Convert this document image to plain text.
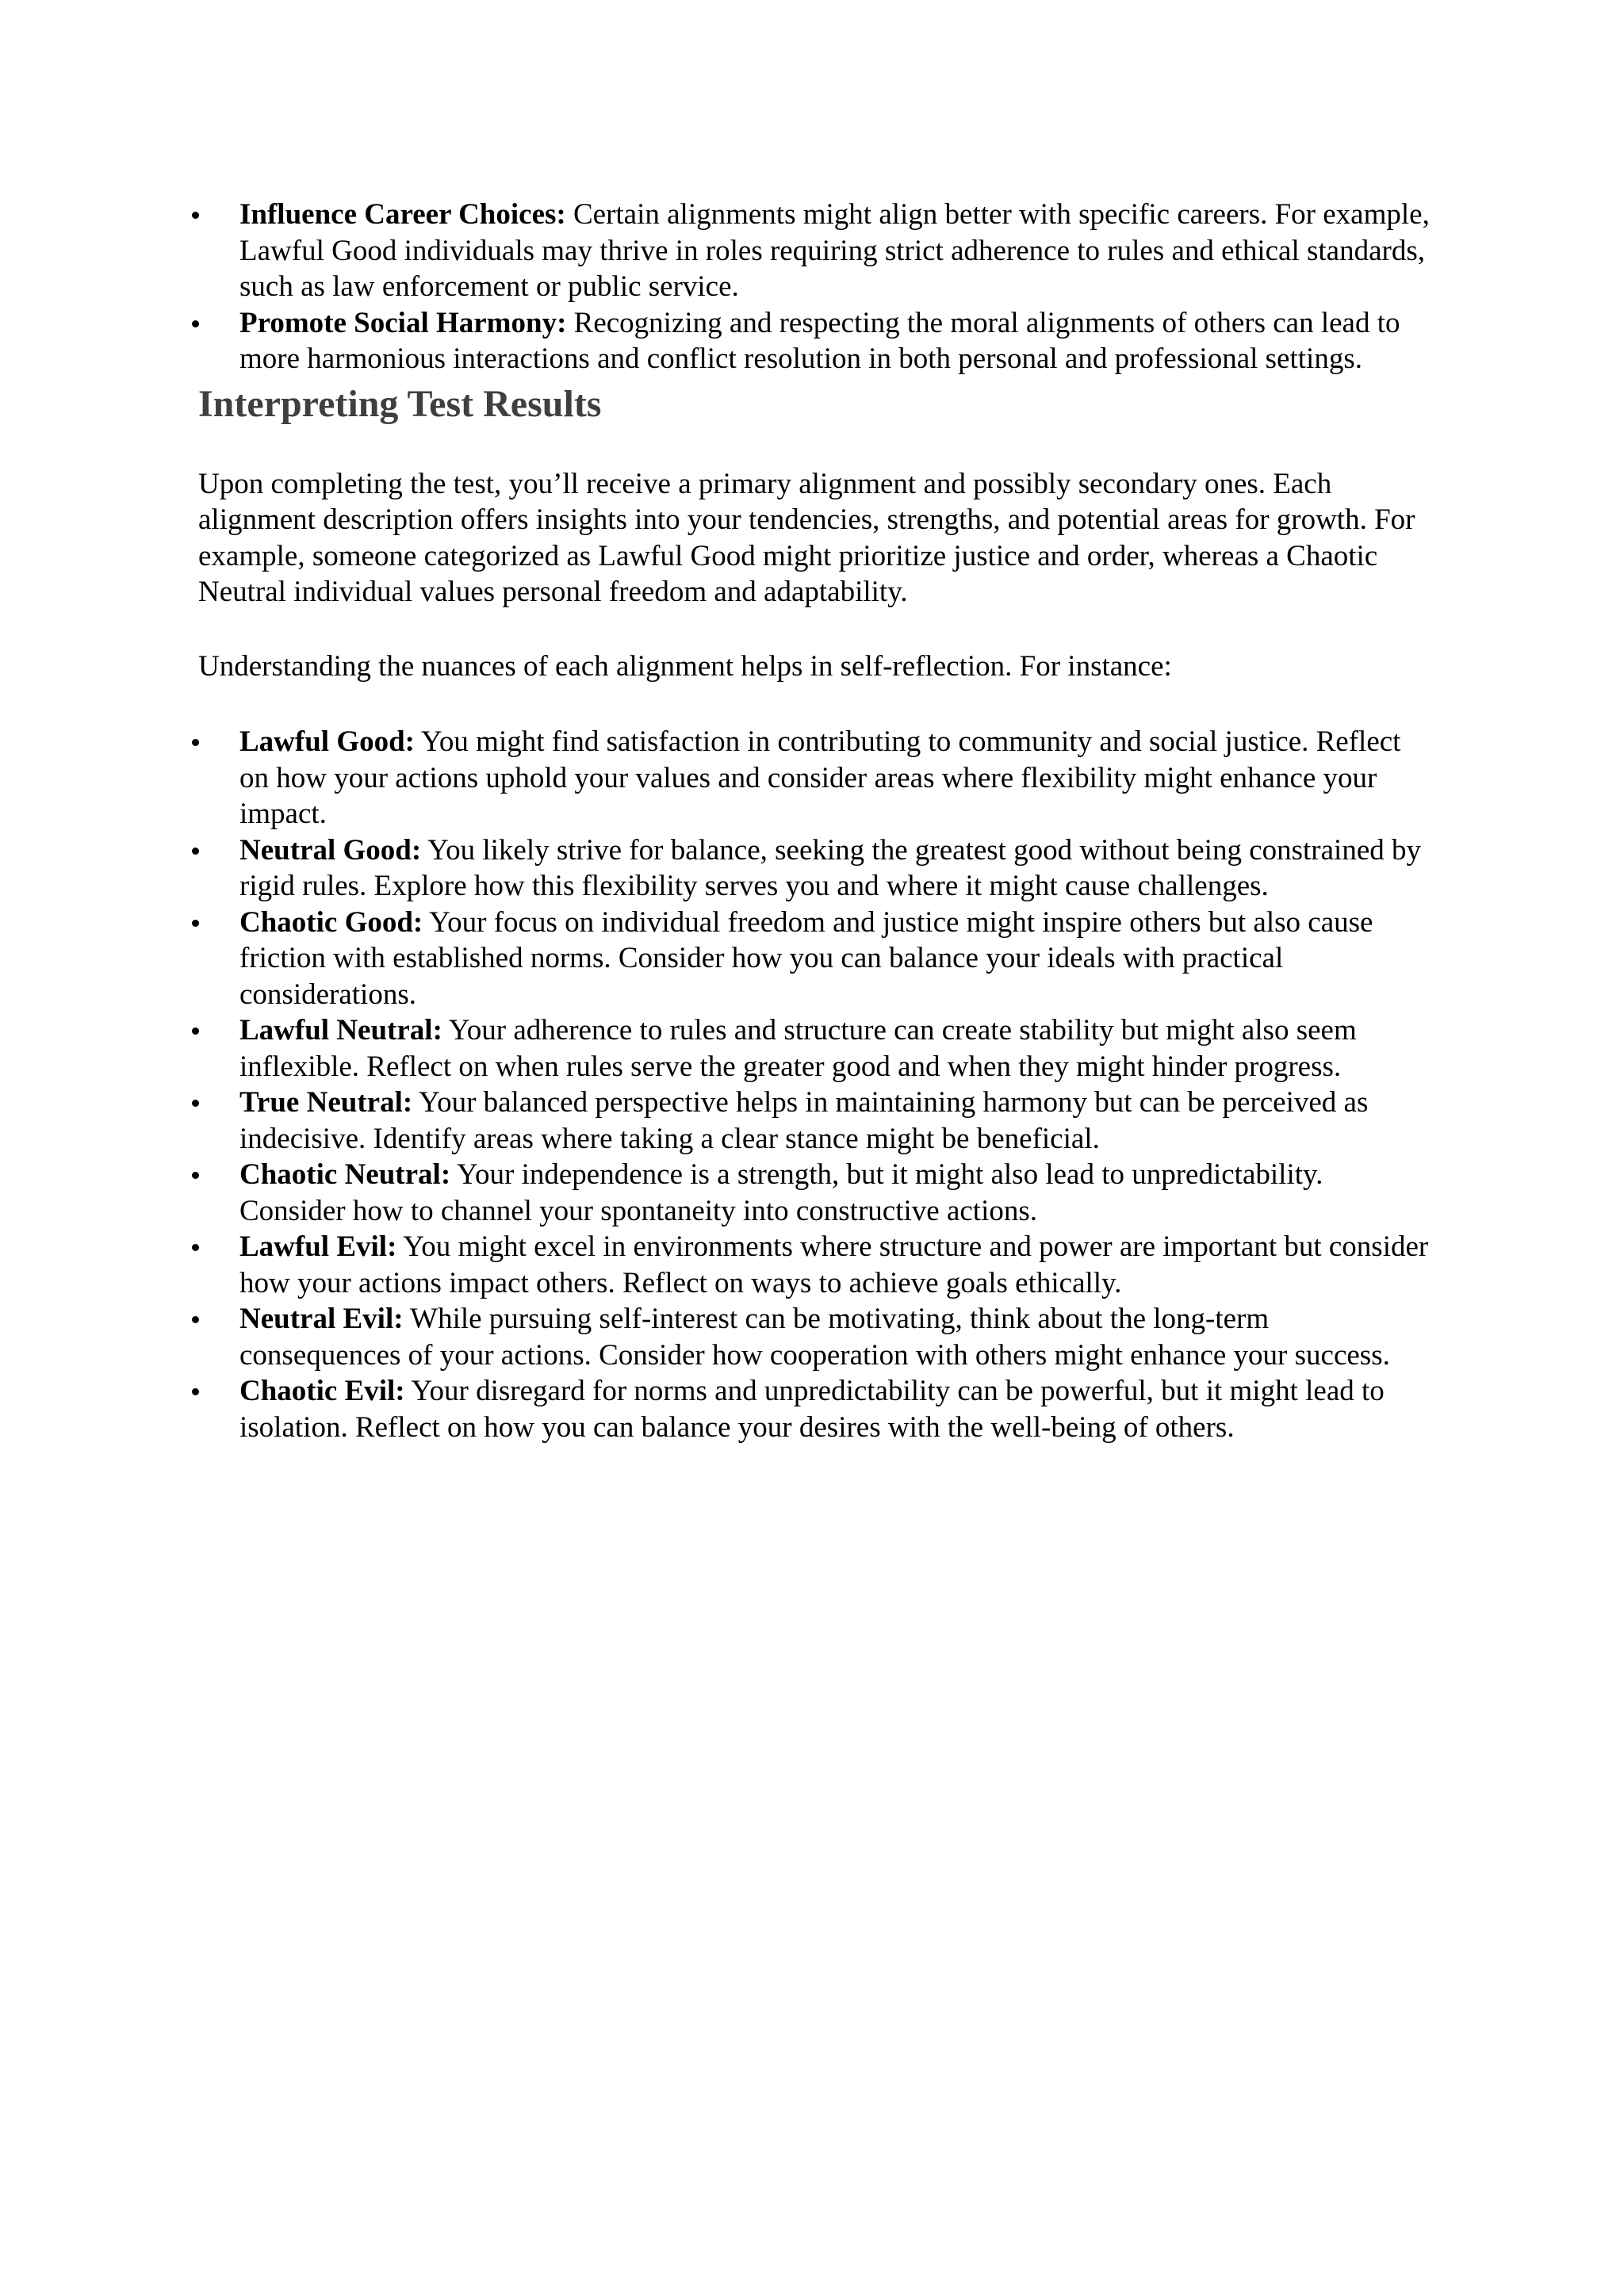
Influence Career Choices: Certain alignments might align better with specific careers. For example, Lawful Good individuals may thrive in roles requiring strict adherence to rules and ethical standards, such as law enforcement or public service.
Promote Social Harmony: Recognizing and respecting the moral alignments of others can lead to more harmonious interactions and conflict resolution in both personal and professional settings.
Interpreting Test Results

Upon completing the test, you’ll receive a primary alignment and possibly secondary ones. Each alignment description offers insights into your tendencies, strengths, and potential areas for growth. For example, someone categorized as Lawful Good might prioritize justice and order, whereas a Chaotic Neutral individual values personal freedom and adaptability.

Understanding the nuances of each alignment helps in self-reflection. For instance:

Lawful Good: You might find satisfaction in contributing to community and social justice. Reflect on how your actions uphold your values and consider areas where flexibility might enhance your impact.
Neutral Good: You likely strive for balance, seeking the greatest good without being constrained by rigid rules. Explore how this flexibility serves you and where it might cause challenges.
Chaotic Good: Your focus on individual freedom and justice might inspire others but also cause friction with established norms. Consider how you can balance your ideals with practical considerations.
Lawful Neutral: Your adherence to rules and structure can create stability but might also seem inflexible. Reflect on when rules serve the greater good and when they might hinder progress.
True Neutral: Your balanced perspective helps in maintaining harmony but can be perceived as indecisive. Identify areas where taking a clear stance might be beneficial.
Chaotic Neutral: Your independence is a strength, but it might also lead to unpredictability. Consider how to channel your spontaneity into constructive actions.
Lawful Evil: You might excel in environments where structure and power are important but consider how your actions impact others. Reflect on ways to achieve goals ethically.
Neutral Evil: While pursuing self-interest can be motivating, think about the long-term consequences of your actions. Consider how cooperation with others might enhance your success.
Chaotic Evil: Your disregard for norms and unpredictability can be powerful, but it might lead to isolation. Reflect on how you can balance your desires with the well-being of others.
